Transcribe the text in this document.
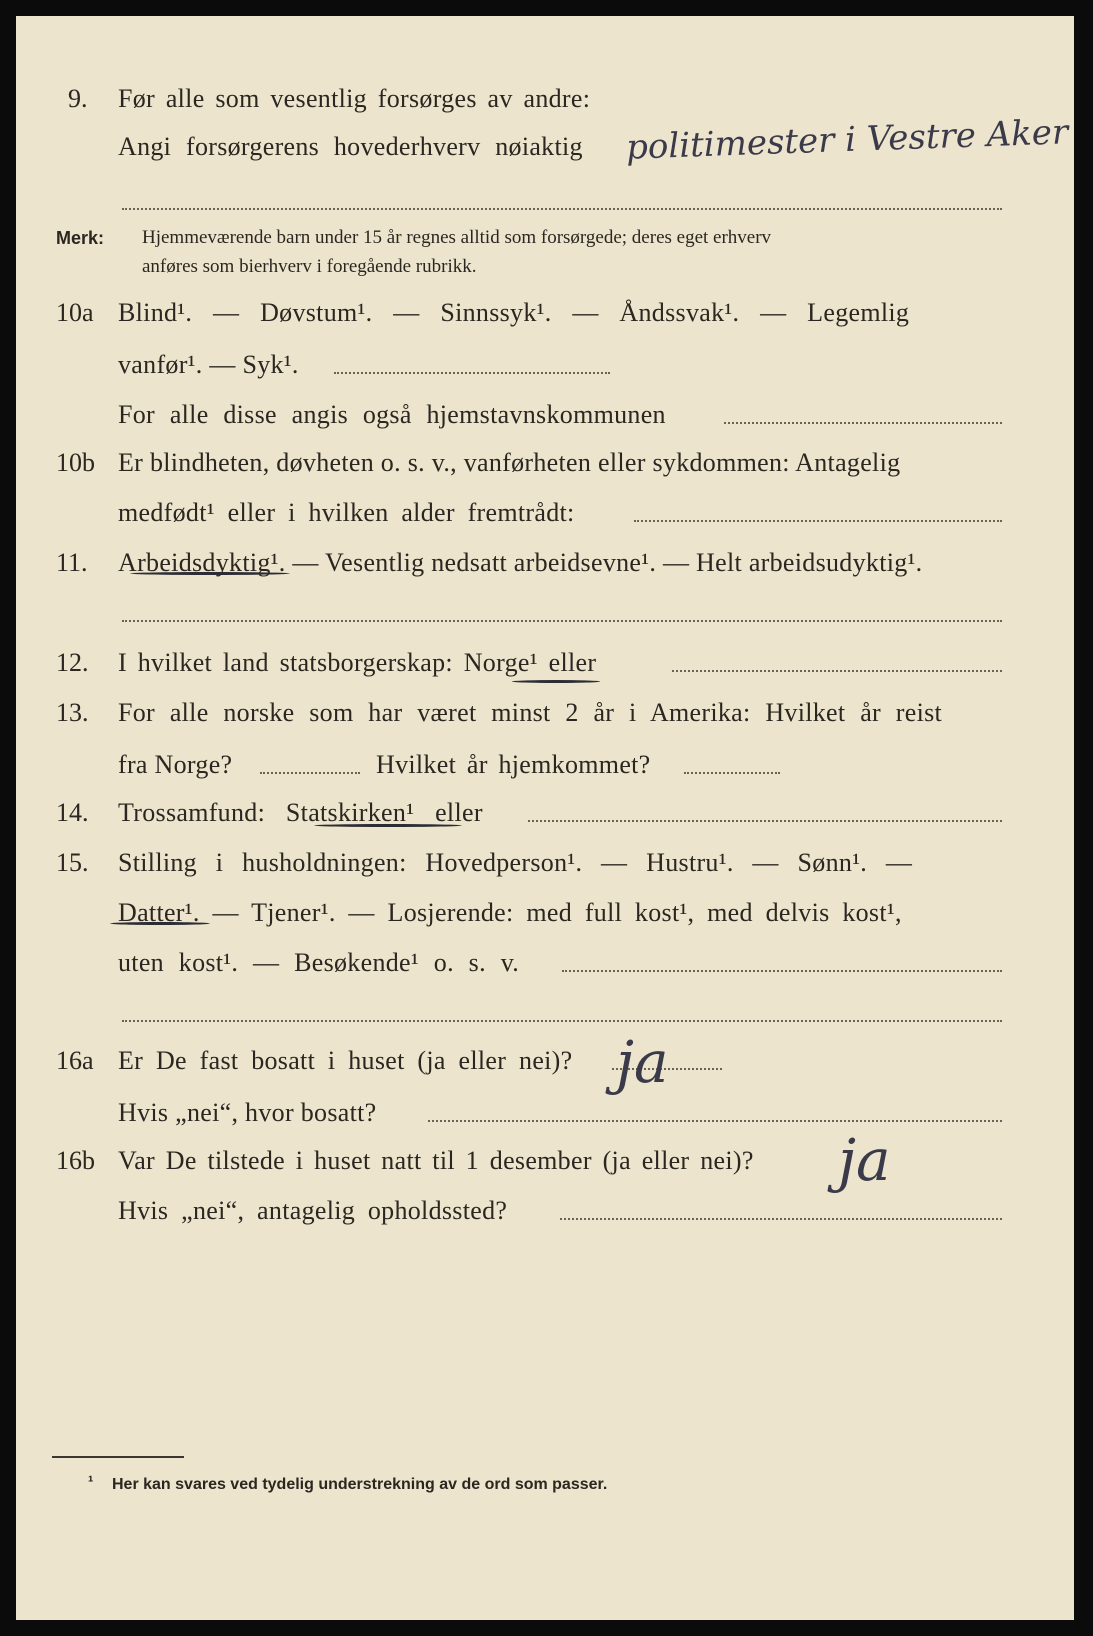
9. Før alle som vesentlig forsørges av andre:
Angi forsørgerens hovederhverv nøiaktig politimester i Vestre Aker
Merk: Hjemmeværende barn under 15 år regnes alltid som forsørgede; deres eget erhverv
anføres som bierhverv i foregående rubrikk.
10a Blind¹. — Døvstum¹. — Sinnssyk¹. — Åndssvak¹. — Legemlig
vanfør¹. — Syk¹.
For alle disse angis også hjemstavnskommunen
10b Er blindheten, døvheten o. s. v., vanførheten eller sykdommen: Antagelig
medfødt¹ eller i hvilken alder fremtrådt:
11. Arbeidsdyktig¹. — Vesentlig nedsatt arbeidsevne¹. — Helt arbeidsudyktig¹.
12. I hvilket land statsborgerskap: Norge¹ eller
13. For alle norske som har været minst 2 år i Amerika: Hvilket år reist
fra Norge?	Hvilket år hjemkommet?
14. Trossamfund: Statskirken¹ eller
15. Stilling i husholdningen: Hovedperson¹. — Hustru¹. — Sønn¹. —
Datter¹. — Tjener¹. — Losjerende: med full kost¹, med delvis kost¹,
uten kost¹. — Besøkende¹ o. s. v.
16a Er De fast bosatt i huset (ja eller nei)? ja
Hvis „nei“, hvor bosatt?
16b Var De tilstede i huset natt til 1 desember (ja eller nei)? ja
Hvis „nei“, antagelig opholdssted?
¹ Her kan svares ved tydelig understrekning av de ord som passer.
